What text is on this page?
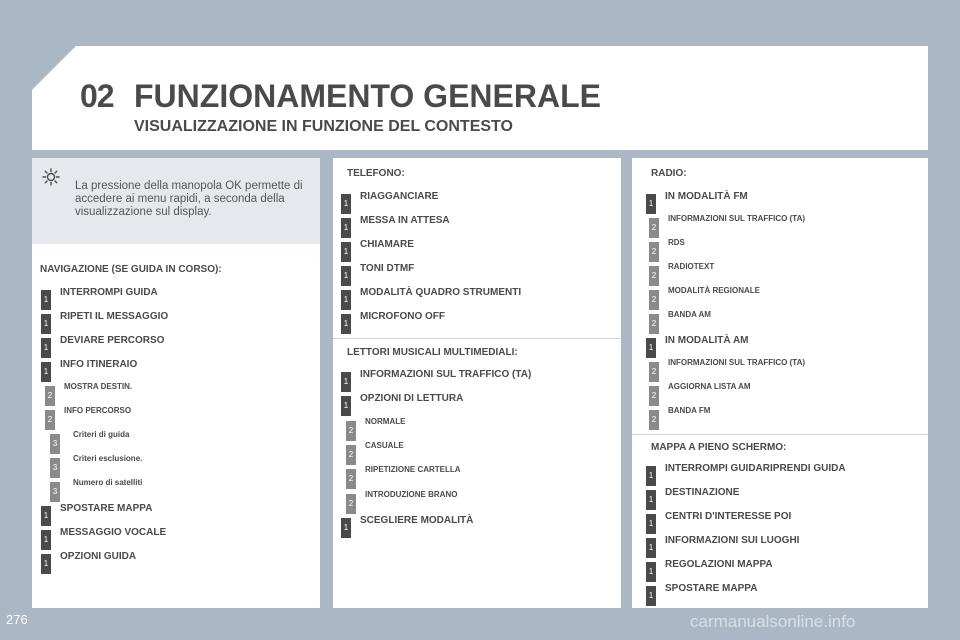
02 FUNZIONAMENTO GENERALE
VISUALIZZAZIONE IN FUNZIONE DEL CONTESTO
La pressione della manopola OK permette di accedere ai menu rapidi, a seconda della visualizzazione sul display.
NAVIGAZIONE (SE GUIDA IN CORSO):
1
INTERROMPI GUIDA
1
RIPETI IL MESSAGGIO
1
DEVIARE PERCORSO
1
INFO ITINERAIO
2
MOSTRA DESTIN.
2
INFO PERCORSO
3
Criteri di guida
3
Criteri esclusione.
3
Numero di satelliti
1
SPOSTARE MAPPA
1
MESSAGGIO VOCALE
1
OPZIONI GUIDA
TELEFONO:
1
RIAGGANCIARE
1
MESSA IN ATTESA
1
CHIAMARE
1
TONI DTMF
1
MODALITÀ QUADRO STRUMENTI
1
MICROFONO OFF
LETTORI MUSICALI MULTIMEDIALI:
1
INFORMAZIONI SUL TRAFFICO (TA)
1
OPZIONI DI LETTURA
2
NORMALE
2
CASUALE
2
RIPETIZIONE CARTELLA
2
INTRODUZIONE BRANO
1
SCEGLIERE MODALITÀ
RADIO:
1
IN MODALITÀ FM
2
INFORMAZIONI SUL TRAFFICO (TA)
2
RDS
2
RADIOTEXT
2
MODALITÀ REGIONALE
2
BANDA AM
1
IN MODALITÀ AM
2
INFORMAZIONI SUL TRAFFICO (TA)
2
AGGIORNA LISTA AM
2
BANDA FM
MAPPA A PIENO SCHERMO:
1
INTERROMPI GUIDARIPRENDI GUIDA
1
DESTINAZIONE
1
CENTRI D'INTERESSE POI
1
INFORMAZIONI SUI LUOGHI
1
REGOLAZIONI MAPPA
1
SPOSTARE MAPPA
276	carmanualsonline.info
